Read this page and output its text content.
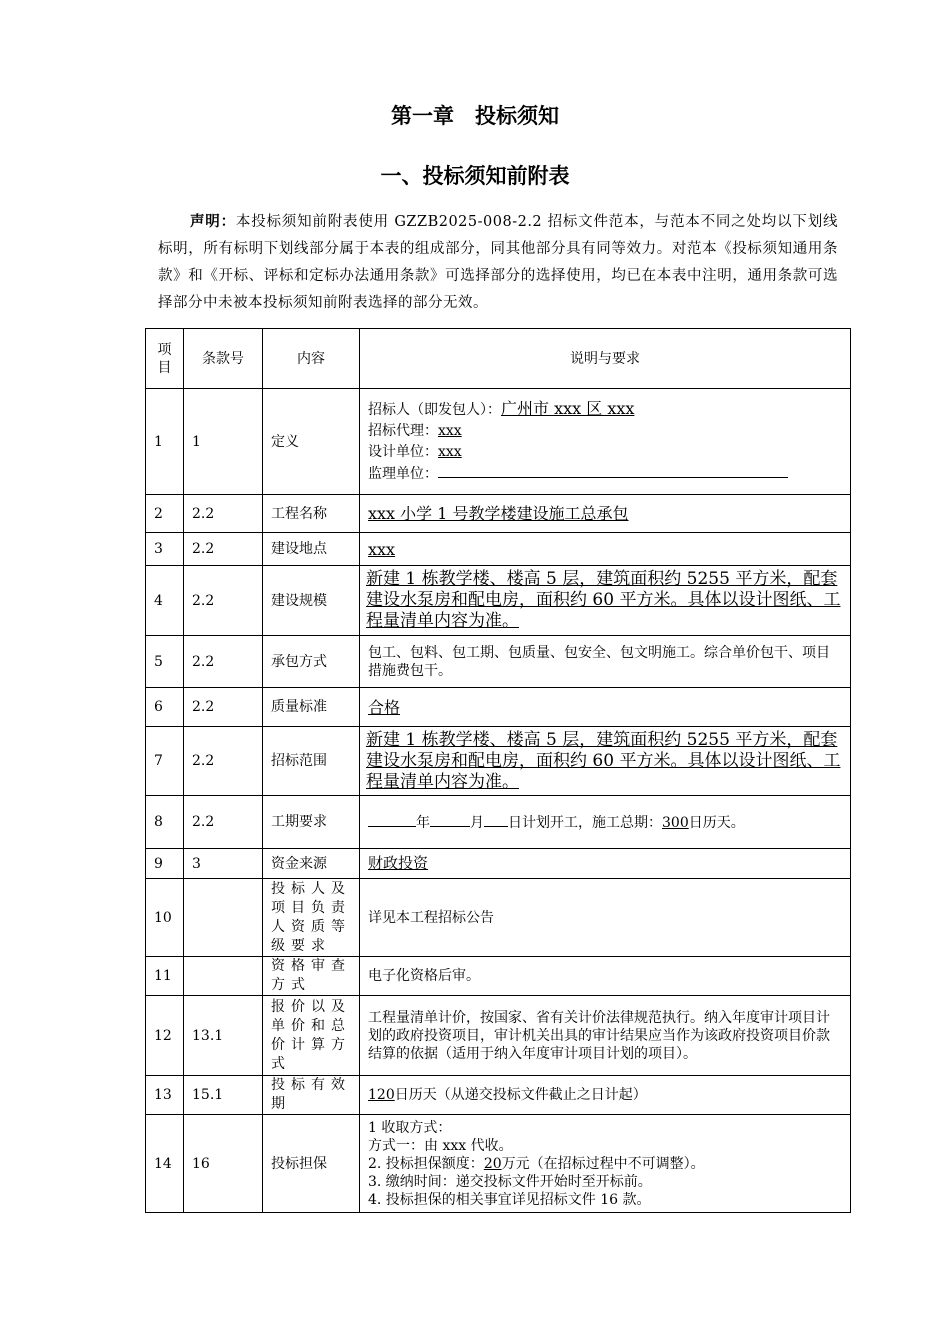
第一章　投标须知
一、投标须知前附表
声明：本投标须知前附表使用 GZZB2025-008-2.2 招标文件范本，与范本不同之处均以下划线标明，所有标明下划线部分属于本表的组成部分，同其他部分具有同等效力。对范本《投标须知通用条款》和《开标、评标和定标办法通用条款》可选择部分的选择使用，均已在本表中注明，通用条款可选择部分中未被本投标须知前附表选择的部分无效。
项目	条款号	内容	说明与要求
1	1	定义	招标人（即发包人）：广州市 xxx 区 xxx
招标代理：xxx
设计单位：xxx
监理单位：

2	2.2	工程名称	xxx 小学 1 号教学楼建设施工总承包
3	2.2	建设地点	xxx
4	2.2	建设规模	新建 1 栋教学楼、楼高 5 层，建筑面积约 5255 平方米，配套建设水泵房和配电房，面积约 60 平方米。具体以设计图纸、工程量清单内容为准。
5	2.2	承包方式	包工、包料、包工期、包质量、包安全、包文明施工。综合单价包干、项目措施费包干。
6	2.2	质量标准	合格
7	2.2	招标范围	新建 1 栋教学楼、楼高 5 层，建筑面积约 5255 平方米，配套建设水泵房和配电房，面积约 60 平方米。具体以设计图纸、工程量清单内容为准。
8	2.2	工期要求	年 月 日计划开工，施工总期：300日历天。
9	3	资金来源	财政投资
10		投标人及项目负责人资质等级要求	详见本工程招标公告
11		资格审查方式	电子化资格后审。
12	13.1	报价以及单价和总价计算方式	工程量清单计价，按国家、省有关计价法律规范执行。纳入年度审计项目计划的政府投资项目，审计机关出具的审计结果应当作为该政府投资项目价款结算的依据（适用于纳入年度审计项目计划的项目）。
13	15.1	投标有效期	120日历天（从递交投标文件截止之日计起）
14	16	投标担保	1 收取方式：
方式一：由 xxx 代收。
2. 投标担保额度：20万元（在招标过程中不可调整）。
3. 缴纳时间：递交投标文件开始时至开标前。
4. 投标担保的相关事宜详见招标文件 16 款。
